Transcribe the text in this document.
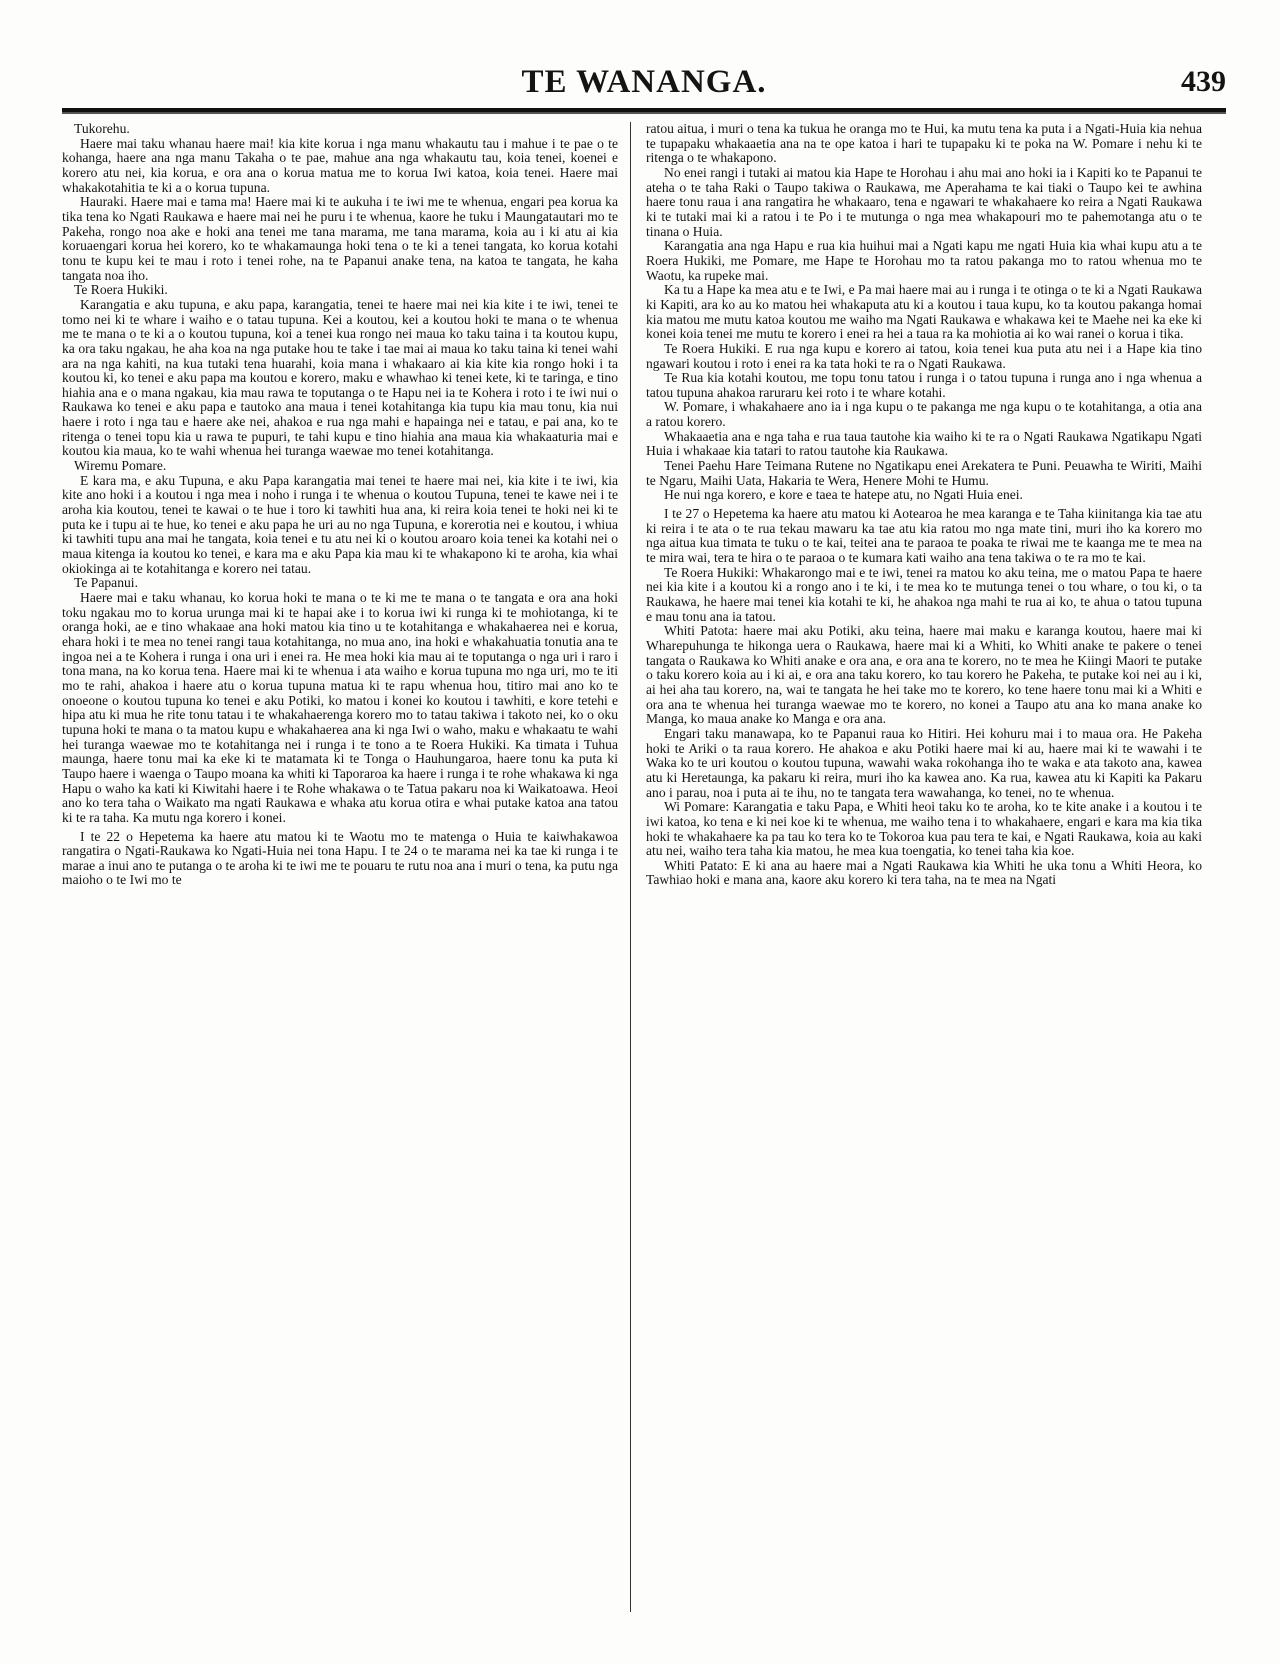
TE WANANGA.	439

Tukorehu.

Haere mai taku whanau haere mai! kia kite korua i nga manu whakautu tau i mahue i te pae o te kohanga, haere ana nga manu Takaha o te pae, mahue ana nga whakautu tau, koia tenei, koenei e korero atu nei, kia korua, e ora ana o korua matua me to korua Iwi katoa, koia tenei. Haere mai whakakotahitia te ki a o korua tupuna.

Hauraki. Haere mai e tama ma! Haere mai ki te aukuha i te iwi me te whenua, engari pea korua ka tika tena ko Ngati Raukawa e haere mai nei he puru i te whenua, kaore he tuku i Maungatautari mo te Pakeha, rongo noa ake e hoki ana tenei me tana marama, me tana marama, koia au i ki atu ai kia koruaengari korua hei korero, ko te whakamaunga hoki tena o te ki a tenei tangata, ko korua kotahi tonu te kupu kei te mau i roto i tenei rohe, na te Papanui anake tena, na katoa te tangata, he kaha tangata noa iho.

Te Roera Hukiki.

Karangatia e aku tupuna, e aku papa, karangatia, tenei te haere mai nei kia kite i te iwi, tenei te tomo nei ki te whare i waiho e o tatau tupuna. Kei a koutou, kei a koutou hoki te mana o te whenua me te mana o te ki a o koutou tupuna, koi a tenei kua rongo nei maua ko taku taina i ta koutou kupu, ka ora taku ngakau, he aha koa na nga putake hou te take i tae mai ai maua ko taku taina ki tenei wahi ara na nga kahiti, na kua tutaki tena huarahi, koia mana i whakaaro ai kia kite kia rongo hoki i ta koutou ki, ko tenei e aku papa ma koutou e korero, maku e whawhao ki tenei kete, ki te taringa, e tino hiahia ana e o mana ngakau, kia mau rawa te toputanga o te Hapu nei ia te Kohera i roto i te iwi nui o Raukawa ko tenei e aku papa e tautoko ana maua i tenei kotahitanga kia tupu kia mau tonu, kia nui haere i roto i nga tau e haere ake nei, ahakoa e rua nga mahi e hapainga nei e tatau, e pai ana, ko te ritenga o tenei topu kia u rawa te pupuri, te tahi kupu e tino hiahia ana maua kia whakaaturia mai e koutou kia maua, ko te wahi whenua hei turanga waewae mo tenei kotahitanga.

Wiremu Pomare.

E kara ma, e aku Tupuna, e aku Papa karangatia mai tenei te haere mai nei, kia kite i te iwi, kia kite ano hoki i a koutou i nga mea i noho i runga i te whenua o koutou Tupuna, tenei te kawe nei i te aroha kia koutou, tenei te kawai o te hue i toro ki tawhiti hua ana, ki reira koia tenei te hoki nei ki te puta ke i tupu ai te hue, ko tenei e aku papa he uri au no nga Tupuna, e korerotia nei e koutou, i whiua ki tawhiti tupu ana mai he tangata, koia tenei e tu atu nei ki o koutou aroaro koia tenei ka kotahi nei o maua kitenga ia koutou ko tenei, e kara ma e aku Papa kia mau ki te whakapono ki te aroha, kia whai okiokinga ai te kotahitanga e korero nei tatau.

Te Papanui.

Haere mai e taku whanau, ko korua hoki te mana o te ki me te mana o te tangata e ora ana hoki toku ngakau mo to korua urunga mai ki te hapai ake i to korua iwi ki runga ki te mohiotanga, ki te oranga hoki, ae e tino whakaae ana hoki matou kia tino u te kotahitanga e whakahaerea nei e korua, ehara hoki i te mea no tenei rangi taua kotahitanga, no mua ano, ina hoki e whakahuatia tonutia ana te ingoa nei a te Kohera i runga i ona uri i enei ra. He mea hoki kia mau ai te toputanga o nga uri i raro i tona mana, na ko korua tena. Haere mai ki te whenua i ata waiho e korua tupuna mo nga uri, mo te iti mo te rahi, ahakoa i haere atu o korua tupuna matua ki te rapu whenua hou, titiro mai ano ko te onoeone o koutou tupuna ko tenei e aku Potiki, ko matou i konei ko koutou i tawhiti, e kore tetehi e hipa atu ki mua he rite tonu tatau i te whakahaerenga korero mo to tatau takiwa i takoto nei, ko o oku tupuna hoki te mana o ta matou kupu e whakahaerea ana ki nga Iwi o waho, maku e whakaatu te wahi hei turanga waewae mo te kotahitanga nei i runga i te tono a te Roera Hukiki. Ka timata i Tuhua maunga, haere tonu mai ka eke ki te matamata ki te Tonga o Hauhungaroa, haere tonu ka puta ki Taupo haere i waenga o Taupo moana ka whiti ki Taporaroa ka haere i runga i te rohe whakawa ki nga Hapu o waho ka kati ki Kiwitahi haere i te Rohe whakawa o te Tatua pakaru noa ki Waikatoawa. Heoi ano ko tera taha o Waikato ma ngati Raukawa e whaka atu korua otira e whai putake katoa ana tatou ki te ra taha. Ka mutu nga korero i konei.

I te 22 o Hepetema ka haere atu matou ki te Waotu mo te matenga o Huia te kaiwhakawoa rangatira o Ngati-Raukawa ko Ngati-Huia nei tona Hapu. I te 24 o te marama nei ka tae ki runga i te marae a inui ano te putanga o te aroha ki te iwi me te pouaru te rutu noa ana i muri o tena, ka putu nga maioho o te Iwi mo te

ratou aitua, i muri o tena ka tukua he oranga mo te Hui, ka mutu tena ka puta i a Ngati-Huia kia nehua te tupapaku whakaaetia ana na te ope katoa i hari te tupapaku ki te poka na W. Pomare i nehu ki te ritenga o te whakapono.

No enei rangi i tutaki ai matou kia Hape te Horohau i ahu mai ano hoki ia i Kapiti ko te Papanui te ateha o te taha Raki o Taupo takiwa o Raukawa, me Aperahama te kai tiaki o Taupo kei te awhina haere tonu raua i ana rangatira he whakaaro, tena e ngawari te whakahaere ko reira a Ngati Raukawa ki te tutaki mai ki a ratou i te Po i te mutunga o nga mea whakapouri mo te pahemotanga atu o te tinana o Huia.

Karangatia ana nga Hapu e rua kia huihui mai a Ngati kapu me ngati Huia kia whai kupu atu a te Roera Hukiki, me Pomare, me Hape te Horohau mo ta ratou pakanga mo to ratou whenua mo te Waotu, ka rupeke mai.

Ka tu a Hape ka mea atu e te Iwi, e Pa mai haere mai au i runga i te otinga o te ki a Ngati Raukawa ki Kapiti, ara ko au ko matou hei whakaputa atu ki a koutou i taua kupu, ko ta koutou pakanga homai kia matou me mutu katoa koutou me waiho ma Ngati Raukawa e whakawa kei te Maehe nei ka eke ki konei koia tenei me mutu te korero i enei ra hei a taua ra ka mohiotia ai ko wai ranei o korua i tika.

Te Roera Hukiki. E rua nga kupu e korero ai tatou, koia tenei kua puta atu nei i a Hape kia tino ngawari koutou i roto i enei ra ka tata hoki te ra o Ngati Raukawa.

Te Rua kia kotahi koutou, me topu tonu tatou i runga i o tatou tupuna i runga ano i nga whenua a tatou tupuna ahakoa raruraru kei roto i te whare kotahi.

W. Pomare, i whakahaere ano ia i nga kupu o te pakanga me nga kupu o te kotahitanga, a otia ana a ratou korero.

Whakaaetia ana e nga taha e rua taua tautohe kia waiho ki te ra o Ngati Raukawa Ngatikapu Ngati Huia i whakaae kia tatari to ratou tautohe kia Raukawa.

Tenei Paehu Hare Teimana Rutene no Ngatikapu enei Arekatera te Puni. Peuawha te Wiriti, Maihi te Ngaru, Maihi Uata, Hakaria te Wera, Henere Mohi te Humu.

He nui nga korero, e kore e taea te hatepe atu, no Ngati Huia enei.

I te 27 o Hepetema ka haere atu matou ki Aotearoa he mea karanga e te Taha kiinitanga kia tae atu ki reira i te ata o te rua tekau mawaru ka tae atu kia ratou mo nga mate tini, muri iho ka korero mo nga aitua kua timata te tuku o te kai, teitei ana te paraoa te poaka te riwai me te kaanga me te mea na te mira wai, tera te hira o te paraoa o te kumara kati waiho ana tena takiwa o te ra mo te kai.

Te Roera Hukiki: Whakarongo mai e te iwi, tenei ra matou ko aku teina, me o matou Papa te haere nei kia kite i a koutou ki a rongo ano i te ki, i te mea ko te mutunga tenei o tou whare, o tou ki, o ta Raukawa, he haere mai tenei kia kotahi te ki, he ahakoa nga mahi te rua ai ko, te ahua o tatou tupuna e mau tonu ana ia tatou.

Whiti Patota: haere mai aku Potiki, aku teina, haere mai maku e karanga koutou, haere mai ki Wharepuhunga te hikonga uera o Raukawa, haere mai ki a Whiti, ko Whiti anake te pakere o tenei tangata o Raukawa ko Whiti anake e ora ana, e ora ana te korero, no te mea he Kiingi Maori te putake o taku korero koia au i ki ai, e ora ana taku korero, ko tau korero he Pakeha, te putake koi nei au i ki, ai hei aha tau korero, na, wai te tangata he hei take mo te korero, ko tene haere tonu mai ki a Whiti e ora ana te whenua hei turanga waewae mo te korero, no konei a Taupo atu ana ko mana anake ko Manga, ko maua anake ko Manga e ora ana.

Engari taku manawapa, ko te Papanui raua ko Hitiri. Hei kohuru mai i to maua ora. He Pakeha hoki te Ariki o ta raua korero. He ahakoa e aku Potiki haere mai ki au, haere mai ki te wawahi i te Waka ko te uri koutou o koutou tupuna, wawahi waka rokohanga iho te waka e ata takoto ana, kawea atu ki Heretaunga, ka pakaru ki reira, muri iho ka kawea ano. Ka rua, kawea atu ki Kapiti ka Pakaru ano i parau, noa i puta ai te ihu, no te tangata tera wawahanga, ko tenei, no te whenua.

Wi Pomare: Karangatia e taku Papa, e Whiti heoi taku ko te aroha, ko te kite anake i a koutou i te iwi katoa, ko tena e ki nei koe ki te whenua, me waiho tena i to whakahaere, engari e kara ma kia tika hoki te whakahaere ka pa tau ko tera ko te Tokoroa kua pau tera te kai, e Ngati Raukawa, koia au kaki atu nei, waiho tera taha kia matou, he mea kua toengatia, ko tenei taha kia koe.

Whiti Patato: E ki ana au haere mai a Ngati Raukawa kia Whiti he uka tonu a Whiti Heora, ko Tawhiao hoki e mana ana, kaore aku korero ki tera taha, na te mea na Ngati
